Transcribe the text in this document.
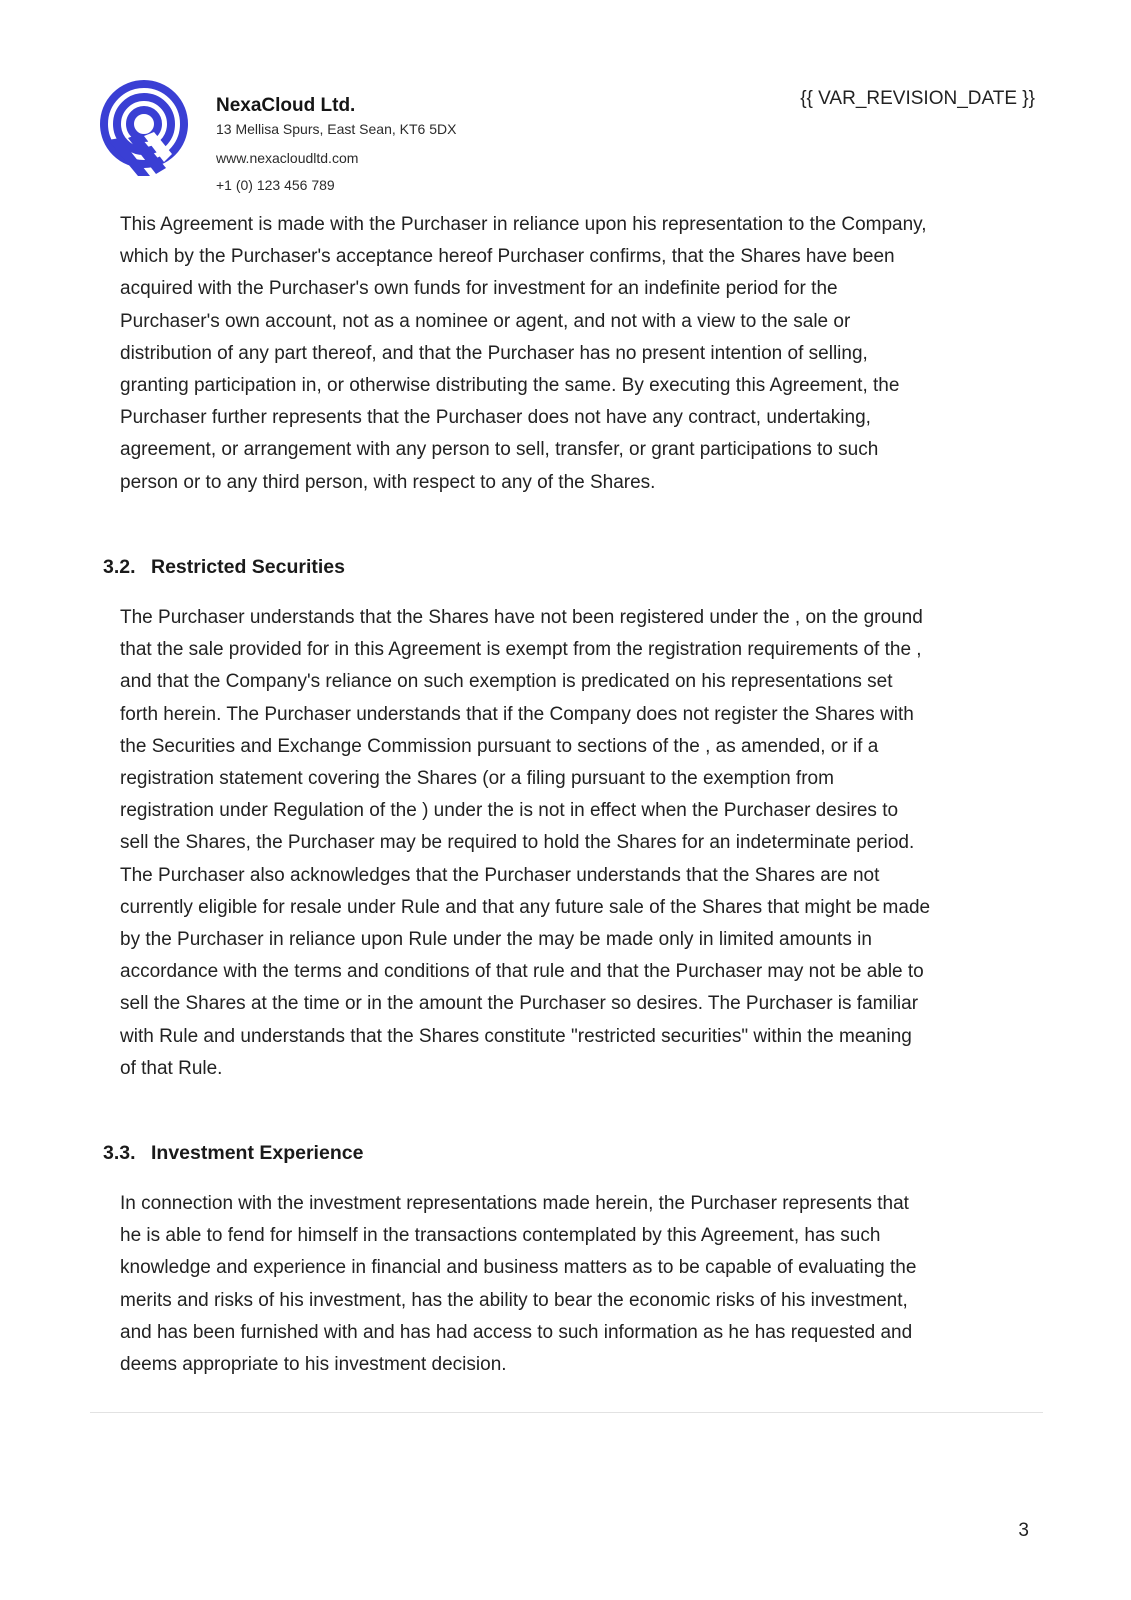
NexaCloud Ltd.
13 Mellisa Spurs, East Sean, KT6 5DX
www.nexacloudltd.com
+1 (0) 123 456 789
{{ VAR_REVISION_DATE }}
This Agreement is made with the Purchaser in reliance upon his representation to the Company,
which by the Purchaser's acceptance hereof Purchaser confirms, that the Shares have been
acquired with the Purchaser's own funds for investment for an indefinite period for the
Purchaser's own account, not as a nominee or agent, and not with a view to the sale or
distribution of any part thereof, and that the Purchaser has no present intention of selling,
granting participation in, or otherwise distributing the same. By executing this Agreement, the
Purchaser further represents that the Purchaser does not have any contract, undertaking,
agreement, or arrangement with any person to sell, transfer, or grant participations to such
person or to any third person, with respect to any of the Shares.
3.2. Restricted Securities
The Purchaser understands that the Shares have not been registered under the , on the ground
that the sale provided for in this Agreement is exempt from the registration requirements of the ,
and that the Company's reliance on such exemption is predicated on his representations set
forth herein. The Purchaser understands that if the Company does not register the Shares with
the Securities and Exchange Commission pursuant to sections of the , as amended, or if a
registration statement covering the Shares (or a filing pursuant to the exemption from
registration under Regulation of the ) under the is not in effect when the Purchaser desires to
sell the Shares, the Purchaser may be required to hold the Shares for an indeterminate period.
The Purchaser also acknowledges that the Purchaser understands that the Shares are not
currently eligible for resale under Rule and that any future sale of the Shares that might be made
by the Purchaser in reliance upon Rule under the may be made only in limited amounts in
accordance with the terms and conditions of that rule and that the Purchaser may not be able to
sell the Shares at the time or in the amount the Purchaser so desires. The Purchaser is familiar
with Rule and understands that the Shares constitute "restricted securities" within the meaning
of that Rule.
3.3. Investment Experience
In connection with the investment representations made herein, the Purchaser represents that
he is able to fend for himself in the transactions contemplated by this Agreement, has such
knowledge and experience in financial and business matters as to be capable of evaluating the
merits and risks of his investment, has the ability to bear the economic risks of his investment,
and has been furnished with and has had access to such information as he has requested and
deems appropriate to his investment decision.
3
